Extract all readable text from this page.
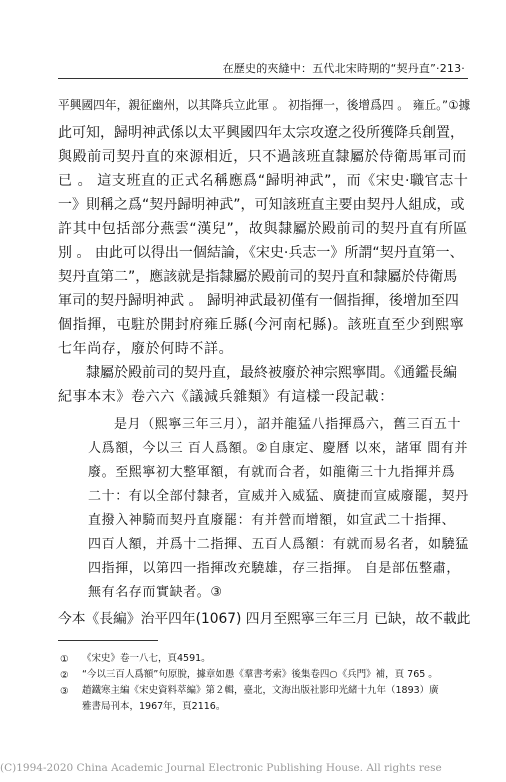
在歷史的夾縫中：五代北宋時期的“契丹直”·213·
平興國四年，親征幽州，以其降兵立此軍 。 初指揮一，後增爲四 。 雍丘。”①據
此可知，歸明神武係以太平興國四年太宗攻遼之役所獲降兵創置，
與殿前司契丹直的來源相近，只不過該班直隸屬於侍衛馬軍司而
已 。 這支班直的正式名稱應爲“歸明神武”，而《宋史·職官志十
一》則稱之爲“契丹歸明神武”，可知該班直主要由契丹人組成，或
許其中包括部分燕雲“漢兒”，故與隸屬於殿前司的契丹直有所區
別 。 由此可以得出一個結論，《宋史·兵志一》所謂“契丹直第一、
契丹直第二”，應該就是指隸屬於殿前司的契丹直和隸屬於侍衛馬
軍司的契丹歸明神武 。 歸明神武最初僅有一個指揮，後增加至四
個指揮，屯駐於開封府雍丘縣(今河南杞縣)。該班直至少到熙寧
七年尚存，廢於何時不詳。
隸屬於殿前司的契丹直，最終被廢於神宗熙寧間。《通鑑長編
紀事本末》卷六六《議減兵雜類》有這樣一段記載：
是月（熙寧三年三月），詔并龍猛八指揮爲六，舊三百五十
人爲額，今以三 百人爲額。②自康定、慶曆 以來，諸軍 間有并
廢。至熙寧初大整軍額，有就而合者，如龍衛三十九指揮并爲
二十：有以全部付隸者，宣威并入威猛、廣捷而宣威廢罷，契丹
直撥入神騎而契丹直廢罷：有并營而增額，如宣武二十指揮、
四百人額，并爲十二指揮、五百人爲額：有就而易名者，如驍猛
四指揮，以第四一指揮改充驍雄，存三指揮。 自是部伍整肅，
無有名存而實缺者。③
今本《長編》治平四年(1067) 四月至熙寧三年三月 已缺，故不載此
① 《宋史》卷一八七，頁4591。
② “今以三百人爲額”句原脫，據章如愚《羣書考索》後集卷四○《兵門》補，頁 765 。
③ 趙鐵寒主編《宋史資料萃編》第２輯，臺北，文海出版社影印光緒十九年（1893）廣
雅書局刊本，1967年，頁2116。
(C)1994-2020 China Academic Journal Electronic Publishing House. All rights rese
